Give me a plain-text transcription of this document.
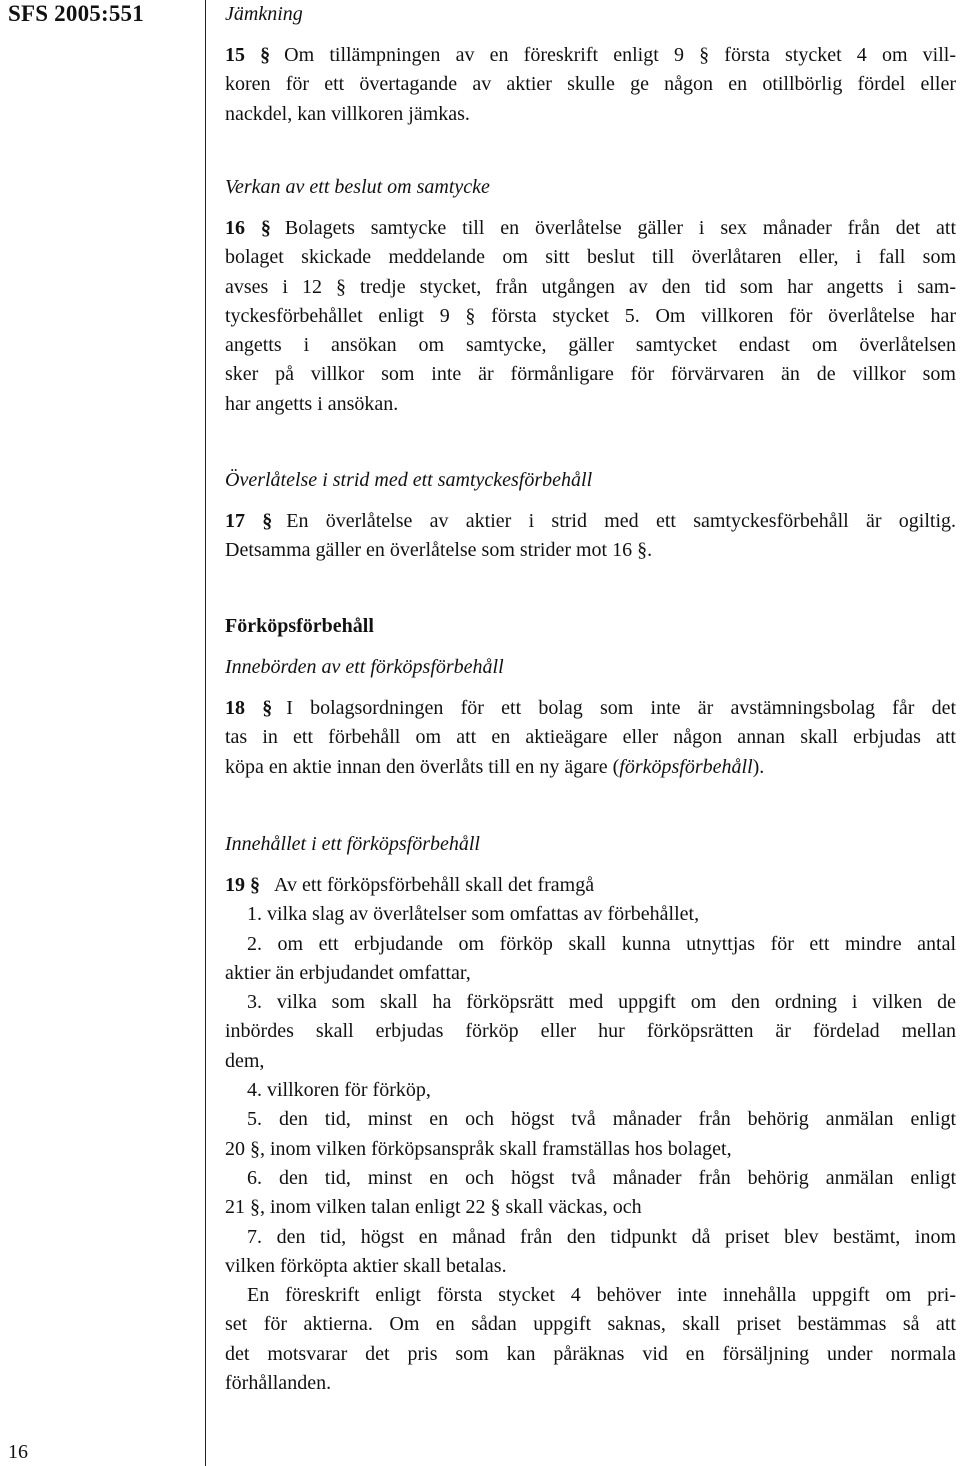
SFS 2005:551
16

Jämkning

15 § Om tillämpningen av en föreskrift enligt 9 § första stycket 4 om vill-

koren för ett övertagande av aktier skulle ge någon en otillbörlig fördel eller

nackdel, kan villkoren jämkas.

Verkan av ett beslut om samtycke

16 § Bolagets samtycke till en överlåtelse gäller i sex månader från det att

bolaget skickade meddelande om sitt beslut till överlåtaren eller, i fall som

avses i 12 § tredje stycket, från utgången av den tid som har angetts i sam-

tyckesförbehållet enligt 9 § första stycket 5. Om villkoren för överlåtelse har

angetts i ansökan om samtycke, gäller samtycket endast om överlåtelsen

sker på villkor som inte är förmånligare för förvärvaren än de villkor som

har angetts i ansökan.

Överlåtelse i strid med ett samtyckesförbehåll

17 § En överlåtelse av aktier i strid med ett samtyckesförbehåll är ogiltig.

Detsamma gäller en överlåtelse som strider mot 16 §.

Förköpsförbehåll

Innebörden av ett förköpsförbehåll

18 § I bolagsordningen för ett bolag som inte är avstämningsbolag får det

tas in ett förbehåll om att en aktieägare eller någon annan skall erbjudas att

köpa en aktie innan den överlåts till en ny ägare (förköpsförbehåll).

Innehållet i ett förköpsförbehåll

19 § Av ett förköpsförbehåll skall det framgå

1. vilka slag av överlåtelser som omfattas av förbehållet,

2. om ett erbjudande om förköp skall kunna utnyttjas för ett mindre antal

aktier än erbjudandet omfattar,

3. vilka som skall ha förköpsrätt med uppgift om den ordning i vilken de

inbördes skall erbjudas förköp eller hur förköpsrätten är fördelad mellan

dem,

4. villkoren för förköp,

5. den tid, minst en och högst två månader från behörig anmälan enligt

20 §, inom vilken förköpsanspråk skall framställas hos bolaget,

6. den tid, minst en och högst två månader från behörig anmälan enligt

21 §, inom vilken talan enligt 22 § skall väckas, och

7. den tid, högst en månad från den tidpunkt då priset blev bestämt, inom

vilken förköpta aktier skall betalas.

En föreskrift enligt första stycket 4 behöver inte innehålla uppgift om pri-

set för aktierna. Om en sådan uppgift saknas, skall priset bestämmas så att

det motsvarar det pris som kan påräknas vid en försäljning under normala

förhållanden.
